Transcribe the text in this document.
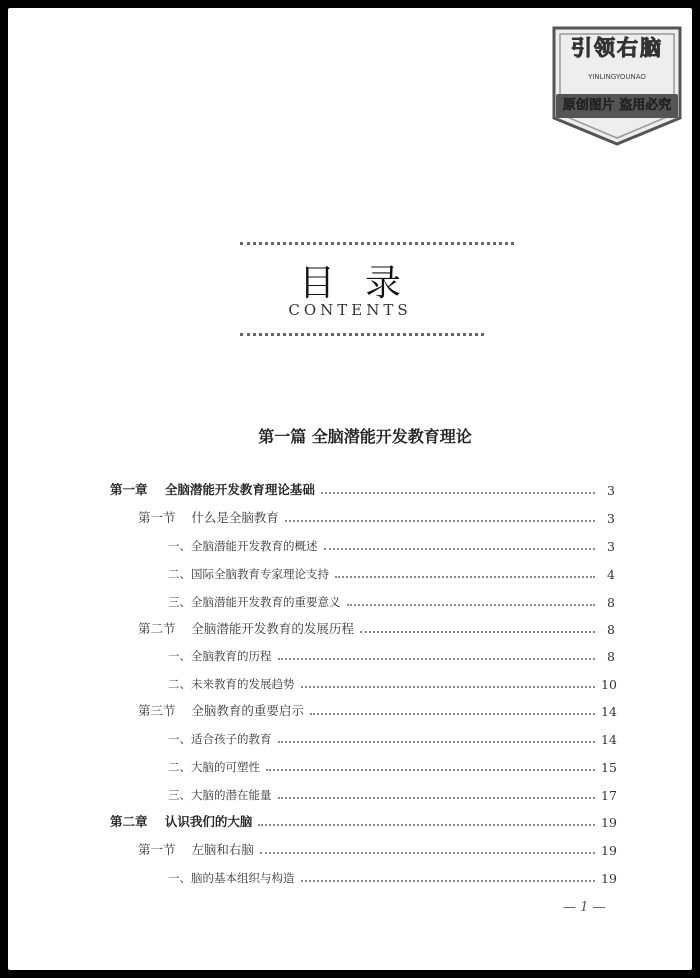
引领右脑
YINLINGYOUNAO
原创图片 盗用必究
目录
CONTENTS
第一篇 全脑潜能开发教育理论
第一章    全脑潜能开发教育理论基础	3
第一节    什么是全脑教育	3
一、全脑潜能开发教育的概述	3
二、国际全脑教育专家理论支持	4
三、全脑潜能开发教育的重要意义	8
第二节    全脑潜能开发教育的发展历程	8
一、全脑教育的历程	8
二、未来教育的发展趋势	10
第三节    全脑教育的重要启示	14
一、适合孩子的教育	14
二、大脑的可塑性	15
三、大脑的潜在能量	17
第二章    认识我们的大脑	19
第一节    左脑和右脑	19
一、脑的基本组织与构造	19
— 1 —
